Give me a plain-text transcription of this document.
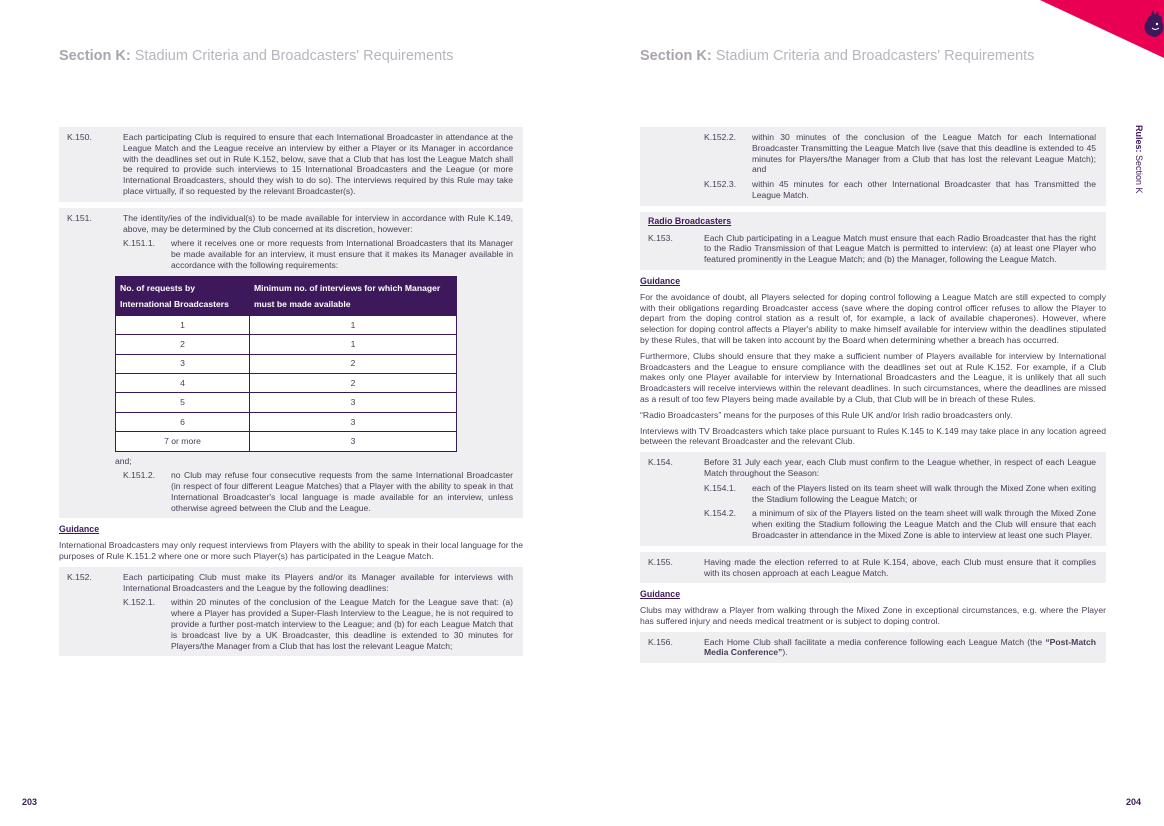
Section K: Stadium Criteria and Broadcasters' Requirements
K.150.	Each participating Club is required to ensure that each International Broadcaster in attendance at the League Match and the League receive an interview by either a Player or its Manager in accordance with the deadlines set out in Rule K.152, below, save that a Club that has lost the League Match shall be required to provide such interviews to 15 International Broadcasters and the League (or more International Broadcasters, should they wish to do so). The interviews required by this Rule may take place virtually, if so requested by the relevant Broadcaster(s).
K.151.	The identity/ies of the individual(s) to be made available for interview in accordance with Rule K.149, above, may be determined by the Club concerned at its discretion, however:
K.151.1.	where it receives one or more requests from International Broadcasters that its Manager be made available for an interview, it must ensure that it makes its Manager available in accordance with the following requirements:
No. of requests by International Broadcasters	Minimum no. of interviews for which Manager must be made available
1	1
2	1
3	2
4	2
5	3
6	3
7 or more	3
and;
K.151.2.	no Club may refuse four consecutive requests from the same International Broadcaster (in respect of four different League Matches) that a Player with the ability to speak in that International Broadcaster's local language is made available for an interview, unless otherwise agreed between the Club and the League.
Guidance
International Broadcasters may only request interviews from Players with the ability to speak in their local language for the purposes of Rule K.151.2 where one or more such Player(s) has participated in the League Match.
K.152.	Each participating Club must make its Players and/or its Manager available for interviews with International Broadcasters and the League by the following deadlines:
K.152.1.	within 20 minutes of the conclusion of the League Match for the League save that: (a) where a Player has provided a Super-Flash Interview to the League, he is not required to provide a further post-match interview to the League; and (b) for each League Match that is broadcast live by a UK Broadcaster, this deadline is extended to 30 minutes for Players/the Manager from a Club that has lost the relevant League Match;
203
Section K: Stadium Criteria and Broadcasters' Requirements
K.152.2.	within 30 minutes of the conclusion of the League Match for each International Broadcaster Transmitting the League Match live (save that this deadline is extended to 45 minutes for Players/the Manager from a Club that has lost the relevant League Match); and
K.152.3.	within 45 minutes for each other International Broadcaster that has Transmitted the League Match.
Radio Broadcasters
K.153.	Each Club participating in a League Match must ensure that each Radio Broadcaster that has the right to the Radio Transmission of that League Match is permitted to interview: (a) at least one Player who featured prominently in the League Match; and (b) the Manager, following the League Match.
Guidance
For the avoidance of doubt, all Players selected for doping control following a League Match are still expected to comply with their obligations regarding Broadcaster access (save where the doping control officer refuses to allow the Player to depart from the doping control station as a result of, for example, a lack of available chaperones). However, where selection for doping control affects a Player's ability to make himself available for interview within the deadlines stipulated by these Rules, that will be taken into account by the Board when determining whether a breach has occurred.
Furthermore, Clubs should ensure that they make a sufficient number of Players available for interview by International Broadcasters and the League to ensure compliance with the deadlines set out at Rule K.152. For example, if a Club makes only one Player available for interview by International Broadcasters and the League, it is unlikely that all such Broadcasters will receive interviews within the relevant deadlines. In such circumstances, where the deadlines are missed as a result of too few Players being made available by a Club, that Club will be in breach of these Rules.
“Radio Broadcasters” means for the purposes of this Rule UK and/or Irish radio broadcasters only.
Interviews with TV Broadcasters which take place pursuant to Rules K.145 to K.149 may take place in any location agreed between the relevant Broadcaster and the relevant Club.
K.154.	Before 31 July each year, each Club must confirm to the League whether, in respect of each League Match throughout the Season:
K.154.1.	each of the Players listed on its team sheet will walk through the Mixed Zone when exiting the Stadium following the League Match; or
K.154.2.	a minimum of six of the Players listed on the team sheet will walk through the Mixed Zone when exiting the Stadium following the League Match and the Club will ensure that each Broadcaster in attendance in the Mixed Zone is able to interview at least one such Player.
K.155.	Having made the election referred to at Rule K.154, above, each Club must ensure that it complies with its chosen approach at each League Match.
Guidance
Clubs may withdraw a Player from walking through the Mixed Zone in exceptional circumstances, e.g. where the Player has suffered injury and needs medical treatment or is subject to doping control.
K.156.	Each Home Club shall facilitate a media conference following each League Match (the “Post-Match Media Conference”).
204
Rules: Section K
